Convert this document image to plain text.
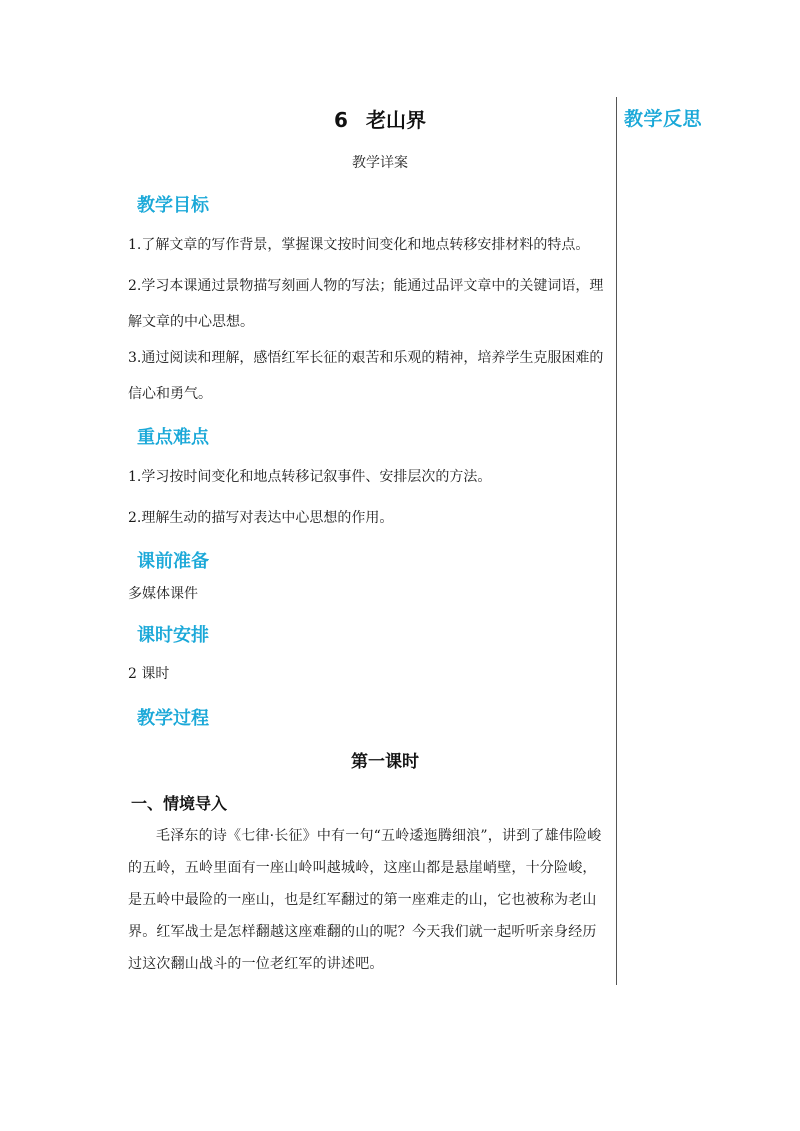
教学反思
6 老山界
教学详案
教学目标
1.了解文章的写作背景，掌握课文按时间变化和地点转移安排材料的特点。
2.学习本课通过景物描写刻画人物的写法；能通过品评文章中的关键词语，理解文章的中心思想。
3.通过阅读和理解，感悟红军长征的艰苦和乐观的精神，培养学生克服困难的信心和勇气。
重点难点
1.学习按时间变化和地点转移记叙事件、安排层次的方法。
2.理解生动的描写对表达中心思想的作用。
课前准备
多媒体课件
课时安排
2 课时
教学过程
第一课时
一、情境导入
毛泽东的诗《七律·长征》中有一句“五岭逶迤腾细浪”，讲到了雄伟险峻的五岭，五岭里面有一座山岭叫越城岭，这座山都是悬崖峭壁，十分险峻，是五岭中最险的一座山，也是红军翻过的第一座难走的山，它也被称为老山界。红军战士是怎样翻越这座难翻的山的呢？今天我们就一起听听亲身经历过这次翻山战斗的一位老红军的讲述吧。
